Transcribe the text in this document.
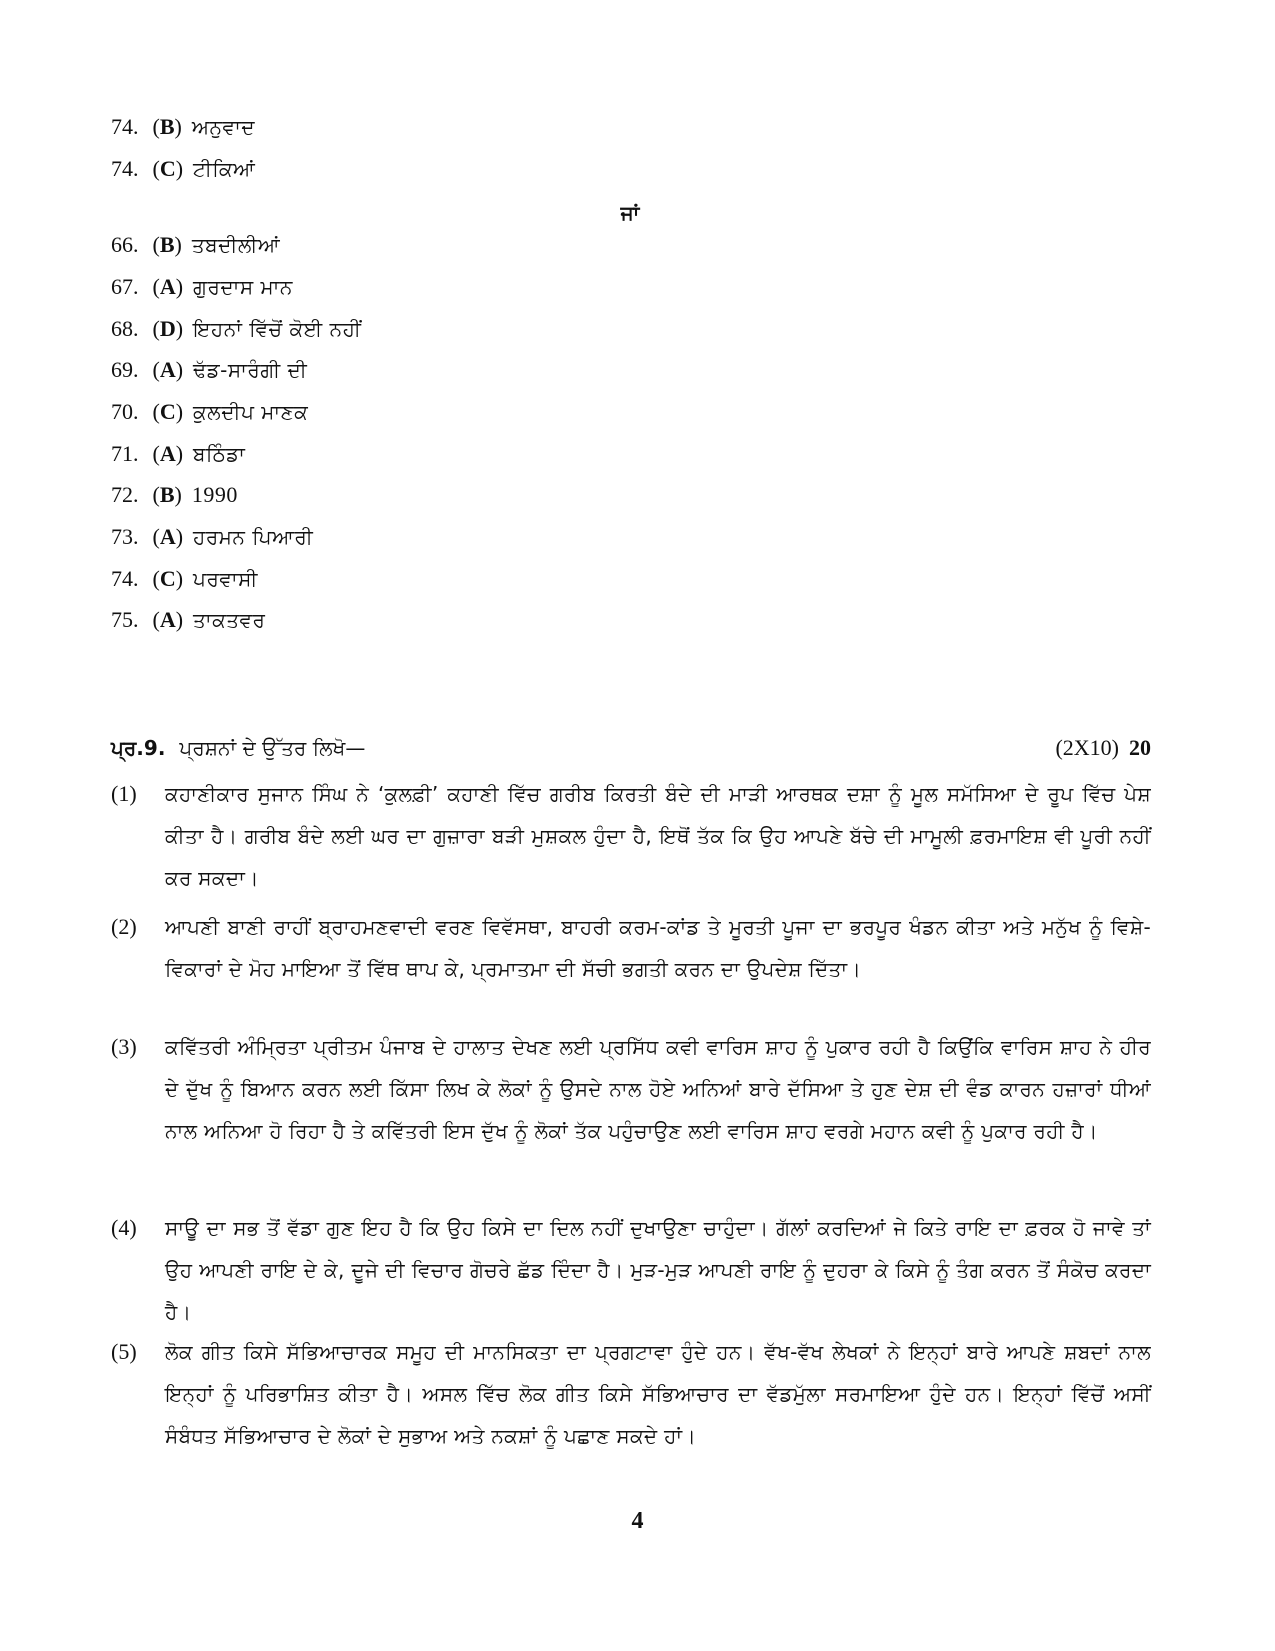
74. (B) ਅਨੁਵਾਦ
74. (C) ਟੀਕਿਆਂ
ਜਾਂ
66. (B) ਤਬਦੀਲੀਆਂ
67. (A) ਗੁਰਦਾਸ ਮਾਨ
68. (D) ਇਹਨਾਂ ਵਿੱਚੋਂ ਕੋਈ ਨਹੀਂ
69. (A) ਢੱਡ-ਸਾਰੰਗੀ ਦੀ
70. (C) ਕੁਲਦੀਪ ਮਾਣਕ
71. (A) ਬਠਿੰਡਾ
72. (B) 1990
73. (A) ਹਰਮਨ ਪਿਆਰੀ
74. (C) ਪਰਵਾਸੀ
75. (A) ਤਾਕਤਵਰ
ਪ੍ਰ.9. ਪ੍ਰਸ਼ਨਾਂ ਦੇ ਉੱਤਰ ਲਿਖੋ—	(2X10) 20
(1) ਕਹਾਣੀਕਾਰ ਸੁਜਾਨ ਸਿੰਘ ਨੇ ‘ਕੁਲਫ਼ੀ’ ਕਹਾਣੀ ਵਿੱਚ ਗਰੀਬ ਕਿਰਤੀ ਬੰਦੇ ਦੀ ਮਾੜੀ ਆਰਥਕ ਦਸ਼ਾ ਨੂੰ ਮੂਲ ਸਮੱਸਿਆ ਦੇ ਰੂਪ ਵਿੱਚ ਪੇਸ਼ ਕੀਤਾ ਹੈ। ਗਰੀਬ ਬੰਦੇ ਲਈ ਘਰ ਦਾ ਗੁਜ਼ਾਰਾ ਬੜੀ ਮੁਸ਼ਕਲ ਹੁੰਦਾ ਹੈ, ਇਥੋਂ ਤੱਕ ਕਿ ਉਹ ਆਪਣੇ ਬੱਚੇ ਦੀ ਮਾਮੂਲੀ ਫ਼ਰਮਾਇਸ਼ ਵੀ ਪੂਰੀ ਨਹੀਂ ਕਰ ਸਕਦਾ।
(2) ਆਪਣੀ ਬਾਣੀ ਰਾਹੀਂ ਬ੍ਰਾਹਮਣਵਾਦੀ ਵਰਣ ਵਿਵੱਸਥਾ, ਬਾਹਰੀ ਕਰਮ-ਕਾਂਡ ਤੇ ਮੂਰਤੀ ਪੂਜਾ ਦਾ ਭਰਪੂਰ ਖੰਡਨ ਕੀਤਾ ਅਤੇ ਮਨੁੱਖ ਨੂੰ ਵਿਸ਼ੇ-ਵਿਕਾਰਾਂ ਦੇ ਮੋਹ ਮਾਇਆ ਤੋਂ ਵਿੱਥ ਥਾਪ ਕੇ, ਪ੍ਰਮਾਤਮਾ ਦੀ ਸੱਚੀ ਭਗਤੀ ਕਰਨ ਦਾ ਉਪਦੇਸ਼ ਦਿੱਤਾ।
(3) ਕਵਿੱਤਰੀ ਅੰਮ੍ਰਿਤਾ ਪ੍ਰੀਤਮ ਪੰਜਾਬ ਦੇ ਹਾਲਾਤ ਦੇਖਣ ਲਈ ਪ੍ਰਸਿੱਧ ਕਵੀ ਵਾਰਿਸ ਸ਼ਾਹ ਨੂੰ ਪੁਕਾਰ ਰਹੀ ਹੈ ਕਿਉਂਕਿ ਵਾਰਿਸ ਸ਼ਾਹ ਨੇ ਹੀਰ ਦੇ ਦੁੱਖ ਨੂੰ ਬਿਆਨ ਕਰਨ ਲਈ ਕਿੱਸਾ ਲਿਖ ਕੇ ਲੋਕਾਂ ਨੂੰ ਉਸਦੇ ਨਾਲ ਹੋਏ ਅਨਿਆਂ ਬਾਰੇ ਦੱਸਿਆ ਤੇ ਹੁਣ ਦੇਸ਼ ਦੀ ਵੰਡ ਕਾਰਨ ਹਜ਼ਾਰਾਂ ਧੀਆਂ ਨਾਲ ਅਨਿਆ ਹੋ ਰਿਹਾ ਹੈ ਤੇ ਕਵਿੱਤਰੀ ਇਸ ਦੁੱਖ ਨੂੰ ਲੋਕਾਂ ਤੱਕ ਪਹੁੰਚਾਉਣ ਲਈ ਵਾਰਿਸ ਸ਼ਾਹ ਵਰਗੇ ਮਹਾਨ ਕਵੀ ਨੂੰ ਪੁਕਾਰ ਰਹੀ ਹੈ।
(4) ਸਾਊ ਦਾ ਸਭ ਤੋਂ ਵੱਡਾ ਗੁਣ ਇਹ ਹੈ ਕਿ ਉਹ ਕਿਸੇ ਦਾ ਦਿਲ ਨਹੀਂ ਦੁਖਾਉਣਾ ਚਾਹੁੰਦਾ। ਗੱਲਾਂ ਕਰਦਿਆਂ ਜੇ ਕਿਤੇ ਰਾਇ ਦਾ ਫ਼ਰਕ ਹੋ ਜਾਵੇ ਤਾਂ ਉਹ ਆਪਣੀ ਰਾਇ ਦੇ ਕੇ, ਦੂਜੇ ਦੀ ਵਿਚਾਰ ਗੋਚਰੇ ਛੱਡ ਦਿੰਦਾ ਹੈ। ਮੁੜ-ਮੁੜ ਆਪਣੀ ਰਾਇ ਨੂੰ ਦੁਹਰਾ ਕੇ ਕਿਸੇ ਨੂੰ ਤੰਗ ਕਰਨ ਤੋਂ ਸੰਕੋਚ ਕਰਦਾ ਹੈ।
(5) ਲੋਕ ਗੀਤ ਕਿਸੇ ਸੱਭਿਆਚਾਰਕ ਸਮੂਹ ਦੀ ਮਾਨਸਿਕਤਾ ਦਾ ਪ੍ਰਗਟਾਵਾ ਹੁੰਦੇ ਹਨ। ਵੱਖ-ਵੱਖ ਲੇਖਕਾਂ ਨੇ ਇਨ੍ਹਾਂ ਬਾਰੇ ਆਪਣੇ ਸ਼ਬਦਾਂ ਨਾਲ ਇਨ੍ਹਾਂ ਨੂੰ ਪਰਿਭਾਸ਼ਿਤ ਕੀਤਾ ਹੈ। ਅਸਲ ਵਿੱਚ ਲੋਕ ਗੀਤ ਕਿਸੇ ਸੱਭਿਆਚਾਰ ਦਾ ਵੱਡਮੁੱਲਾ ਸਰਮਾਇਆ ਹੁੰਦੇ ਹਨ। ਇਨ੍ਹਾਂ ਵਿੱਚੋਂ ਅਸੀਂ ਸੰਬੰਧਤ ਸੱਭਿਆਚਾਰ ਦੇ ਲੋਕਾਂ ਦੇ ਸੁਭਾਅ ਅਤੇ ਨਕਸ਼ਾਂ ਨੂੰ ਪਛਾਣ ਸਕਦੇ ਹਾਂ।
4
